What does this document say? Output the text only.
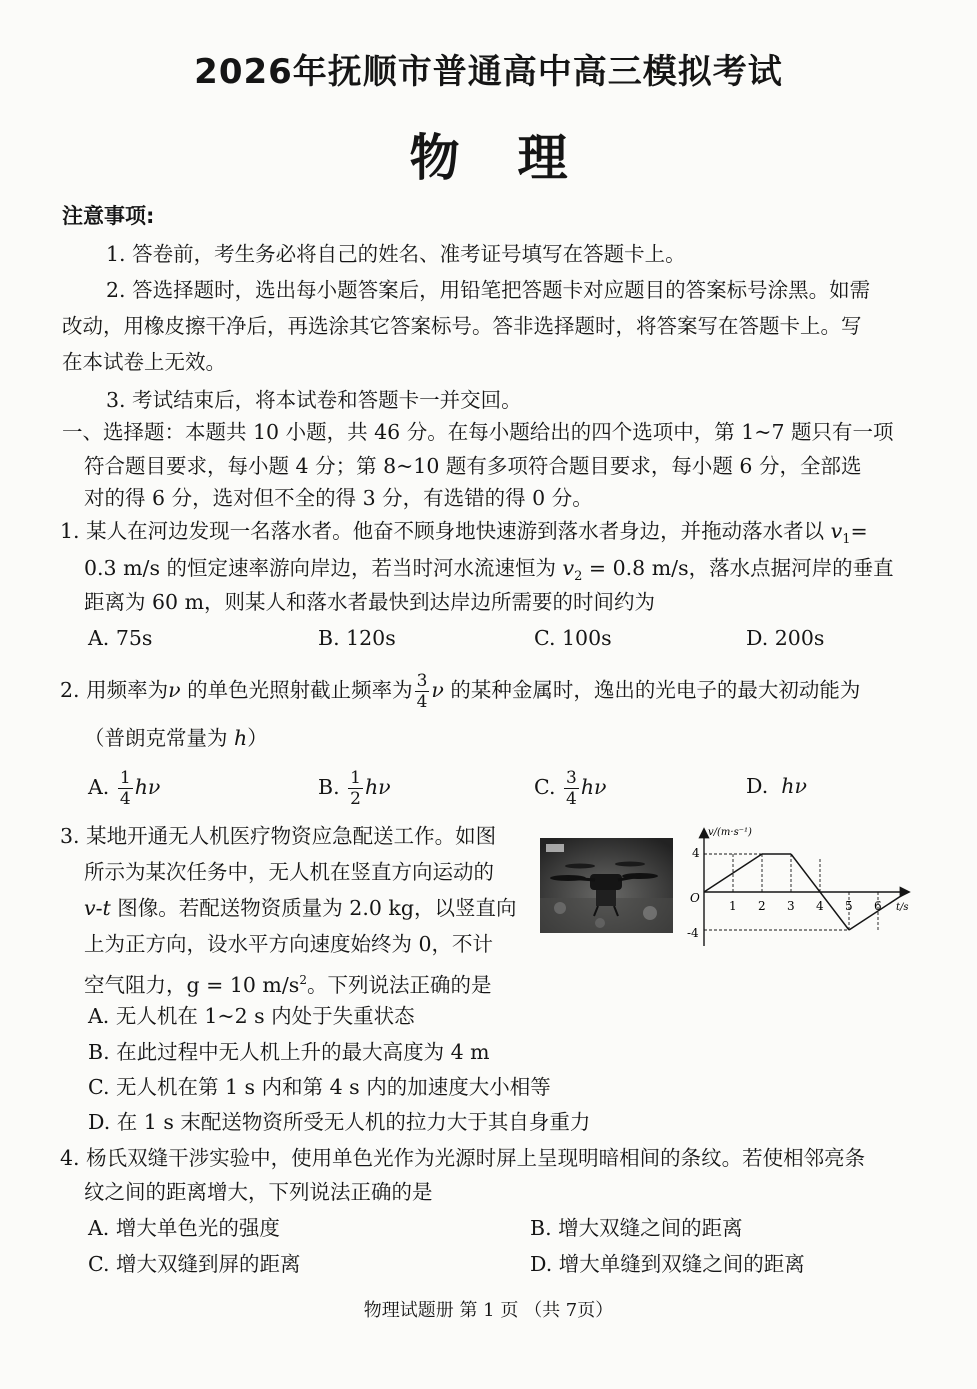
2026年抚顺市普通高中高三模拟考试
物理
注意事项:
1. 答卷前，考生务必将自己的姓名、准考证号填写在答题卡上。
2. 答选择题时，选出每小题答案后，用铅笔把答题卡对应题目的答案标号涂黑。如需
改动，用橡皮擦干净后，再选涂其它答案标号。答非选择题时，将答案写在答题卡上。写
在本试卷上无效。
3. 考试结束后，将本试卷和答题卡一并交回。
一、选择题：本题共 10 小题，共 46 分。在每小题给出的四个选项中，第 1~7 题只有一项
符合题目要求，每小题 4 分；第 8~10 题有多项符合题目要求，每小题 6 分，全部选
对的得 6 分，选对但不全的得 3 分，有选错的得 0 分。
1. 某人在河边发现一名落水者。他奋不顾身地快速游到落水者身边，并拖动落水者以 $v_1=$
0.3 m/s 的恒定速率游向岸边，若当时河水流速恒为 $v_2 = 0.8$ m/s，落水点据河岸的垂直
距离为 60 m，则某人和落水者最快到达岸边所需要的时间约为
A. 75s	B. 120s	C. 100s	D. 200s
2. 用频率为ν 的单色光照射截止频率为 $\frac{3}{4}$ ν 的某种金属时，逸出的光电子的最大初动能为
（普朗克常量为 h）
A. $\frac{1}{4}$ hν	B. $\frac{1}{2}$ hν	C. $\frac{3}{4}$ hν	D. hν
3. 某地开通无人机医疗物资应急配送工作。如图
所示为某次任务中，无人机在竖直方向运动的
v-t 图像。若配送物资质量为 2.0 kg，以竖直向
上为正方向，设水平方向速度始终为 0，不计
空气阻力，g = 10 $m/s^2$。下列说法正确的是
A. 无人机在 1~2 s 内处于失重状态
B. 在此过程中无人机上升的最大高度为 4 m
C. 无人机在第 1 s 内和第 4 s 内的加速度大小相等
D. 在 1 s 末配送物资所受无人机的拉力大于其自身重力
v/(m·s⁻¹)
t/s
O
4
-4
1 2 3 4 5 6
4. 杨氏双缝干涉实验中，使用单色光作为光源时屏上呈现明暗相间的条纹。若使相邻亮条
纹之间的距离增大，下列说法正确的是
A. 增大单色光的强度	B. 增大双缝之间的距离
C. 增大双缝到屏的距离	D. 增大单缝到双缝之间的距离
物理试题册 第 1 页 （共 7页）
